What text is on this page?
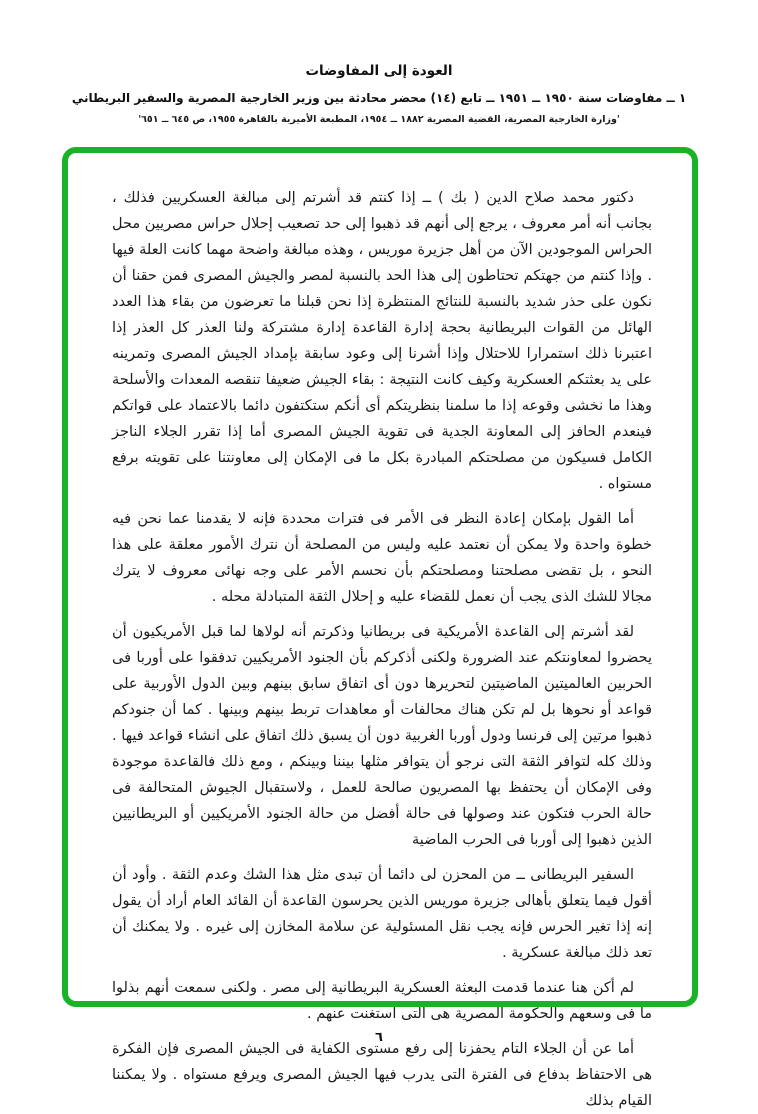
العودة إلى المفاوضات
١ ــ مفاوضات سنة ١٩٥٠ ــ ١٩٥١ ــ تابع (١٤) محضر محادثة بين وزير الخارجية المصرية والسفير البريطاني
'وزارة الخارجية المصرية، القضية المصرية ١٨٨٢ ــ ١٩٥٤، المطبعة الأميرية بالقاهرة ١٩٥٥، ص ٦٤٥ ــ ٦٥١'

دكتور محمد صلاح الدين ( بك ) ــ إذا كنتم قد أشرتم إلى مبالغة العسكريين فذلك ، بجانب أنه أمر معروف ، يرجع إلى أنهم قد ذهبوا إلى حد تصعيب إحلال حراس مصريين محل الحراس الموجودين الآن من أهل جزيرة موريس ، وهذه مبالغة واضحة مهما كانت العلة فيها . وإذا كنتم من جهتكم تحتاطون إلى هذا الحد بالنسبة لمصر والجيش المصرى فمن حقنا أن نكون على حذر شديد بالنسبة للنتائج المنتظرة إذا نحن قبلنا ما تعرضون من بقاء هذا العدد الهائل من القوات البريطانية بحجة إدارة القاعدة إدارة مشتركة ولنا العذر كل العذر إذا اعتبرنا ذلك استمرارا للاحتلال وإذا أشرنا إلى وعود سابقة بإمداد الجيش المصرى وتمرينه على يد بعثتكم العسكرية وكيف كانت النتيجة : بقاء الجيش ضعيفا تنقصه المعدات والأسلحة وهذا ما نخشى وقوعه إذا ما سلمنا بنظريتكم أى أنكم ستكتفون دائما بالاعتماد على قواتكم فينعدم الحافز إلى المعاونة الجدية فى تقوية الجيش المصرى أما إذا تقرر الجلاء الناجز الكامل فسيكون من مصلحتكم المبادرة بكل ما فى الإمكان إلى معاونتنا على تقويته برفع مستواه .

أما القول بإمكان إعادة النظر فى الأمر فى فترات محددة فإنه لا يقدمنا عما نحن فيه خطوة واحدة ولا يمكن أن نعتمد عليه وليس من المصلحة أن نترك الأمور معلقة على هذا النحو ، بل تقضى مصلحتنا ومصلحتكم بأن نحسم الأمر على وجه نهائى معروف لا يترك مجالا للشك الذى يجب أن نعمل للقضاء عليه و إحلال الثقة المتبادلة محله .

لقد أشرتم إلى القاعدة الأمريكية فى بريطانيا وذكرتم أنه لولاها لما قبل الأمريكيون أن يحضروا لمعاونتكم عند الضرورة ولكنى أذكركم بأن الجنود الأمريكيين تدفقوا على أوربا فى الحربين العالميتين الماضيتين لتحريرها دون أى اتفاق سابق بينهم وبين الدول الأوربية على قواعد أو نحوها بل لم تكن هناك محالفات أو معاهدات تربط بينهم وبينها . كما أن جنودكم ذهبوا مرتين إلى فرنسا ودول أوربا الغربية دون أن يسبق ذلك اتفاق على انشاء قواعد فيها . وذلك كله لتوافر الثقة التى نرجو أن يتوافر مثلها بيننا وبينكم ، ومع ذلك فالقاعدة موجودة وفى الإمكان أن يحتفظ بها المصريون صالحة للعمل ، ولاستقبال الجيوش المتحالفة فى حالة الحرب فتكون عند وصولها فى حالة أفضل من حالة الجنود الأمريكيين أو البريطانيين الذين ذهبوا إلى أوربا فى الحرب الماضية

السفير البريطانى ــ من المحزن لى دائما أن تبدى مثل هذا الشك وعدم الثقة . وأود أن أقول فيما يتعلق بأهالى جزيرة موريس الذين يحرسون القاعدة أن القائد العام أراد أن يقول إنه إذا تغير الحرس فإنه يجب نقل المسئولية عن سلامة المخازن إلى غيره . ولا يمكنك أن تعد ذلك مبالغة عسكرية .

لم أكن هنا عندما قدمت البعثة العسكرية البريطانية إلى مصر . ولكنى سمعت أنهم بذلوا ما فى وسعهم والحكومة المصرية هى التى استغنت عنهم .

أما عن أن الجلاء التام يحفزنا إلى رفع مستوى الكفاية فى الجيش المصرى فإن الفكرة هى الاحتفاظ بدفاع فى الفترة التى يدرب فيها الجيش المصرى ويرفع مستواه . ولا يمكننا القيام بذلك

٦
